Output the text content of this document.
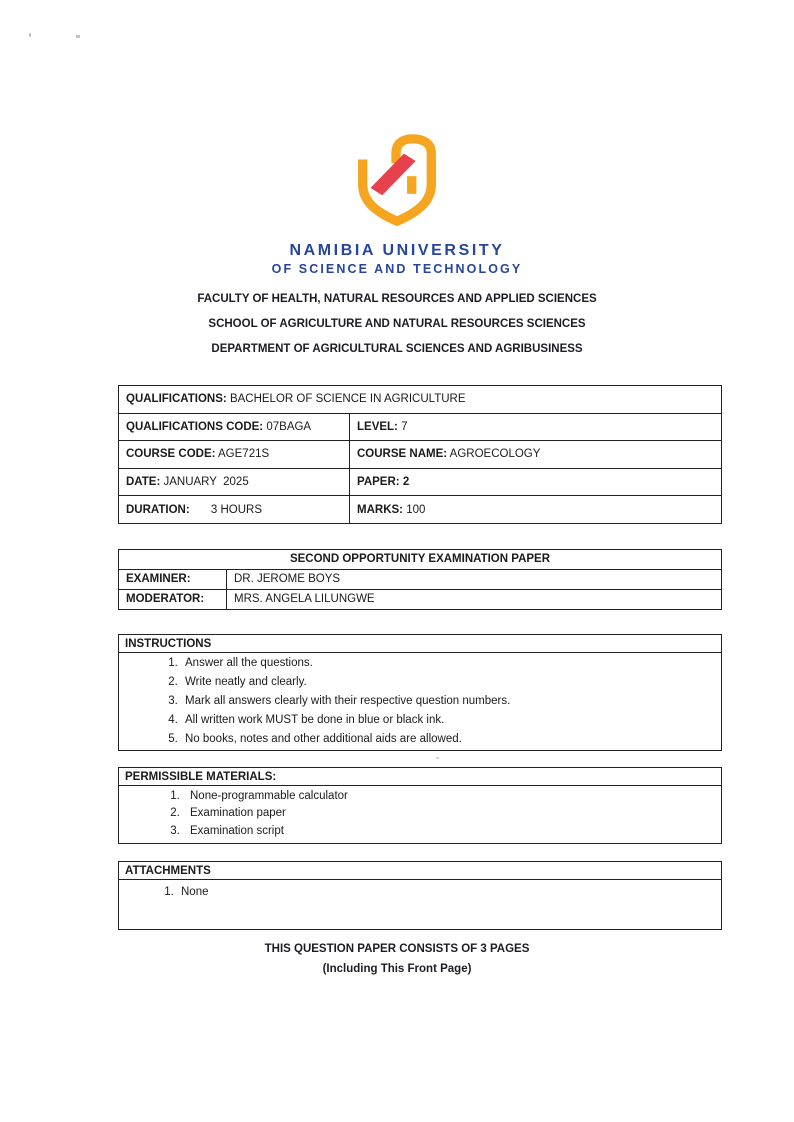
NAMIBIA UNIVERSITY
OF SCIENCE AND TECHNOLOGY
FACULTY OF HEALTH, NATURAL RESOURCES AND APPLIED SCIENCES
SCHOOL OF AGRICULTURE AND NATURAL RESOURCES SCIENCES
DEPARTMENT OF AGRICULTURAL SCIENCES AND AGRIBUSINESS
QUALIFICATIONS: BACHELOR OF SCIENCE IN AGRICULTURE	
QUALIFICATIONS CODE: 07BAGA	LEVEL: 7
COURSE CODE: AGE721S	COURSE NAME: AGROECOLOGY
DATE: JANUARY  2025	PAPER: 2
DURATION: 3 HOURS	MARKS: 100
SECOND OPPORTUNITY EXAMINATION PAPER	
EXAMINER:	DR. JEROME BOYS
MODERATOR:	MRS. ANGELA LILUNGWE
INSTRUCTIONS
1. Answer all the questions.
2. Write neatly and clearly.
3. Mark all answers clearly with their respective question numbers.
4. All written work MUST be done in blue or black ink.
5. No books, notes and other additional aids are allowed.
PERMISSIBLE MATERIALS:
1. None-programmable calculator
2. Examination paper
3. Examination script
ATTACHMENTS
1. None
THIS QUESTION PAPER CONSISTS OF 3 PAGES
(Including This Front Page)
